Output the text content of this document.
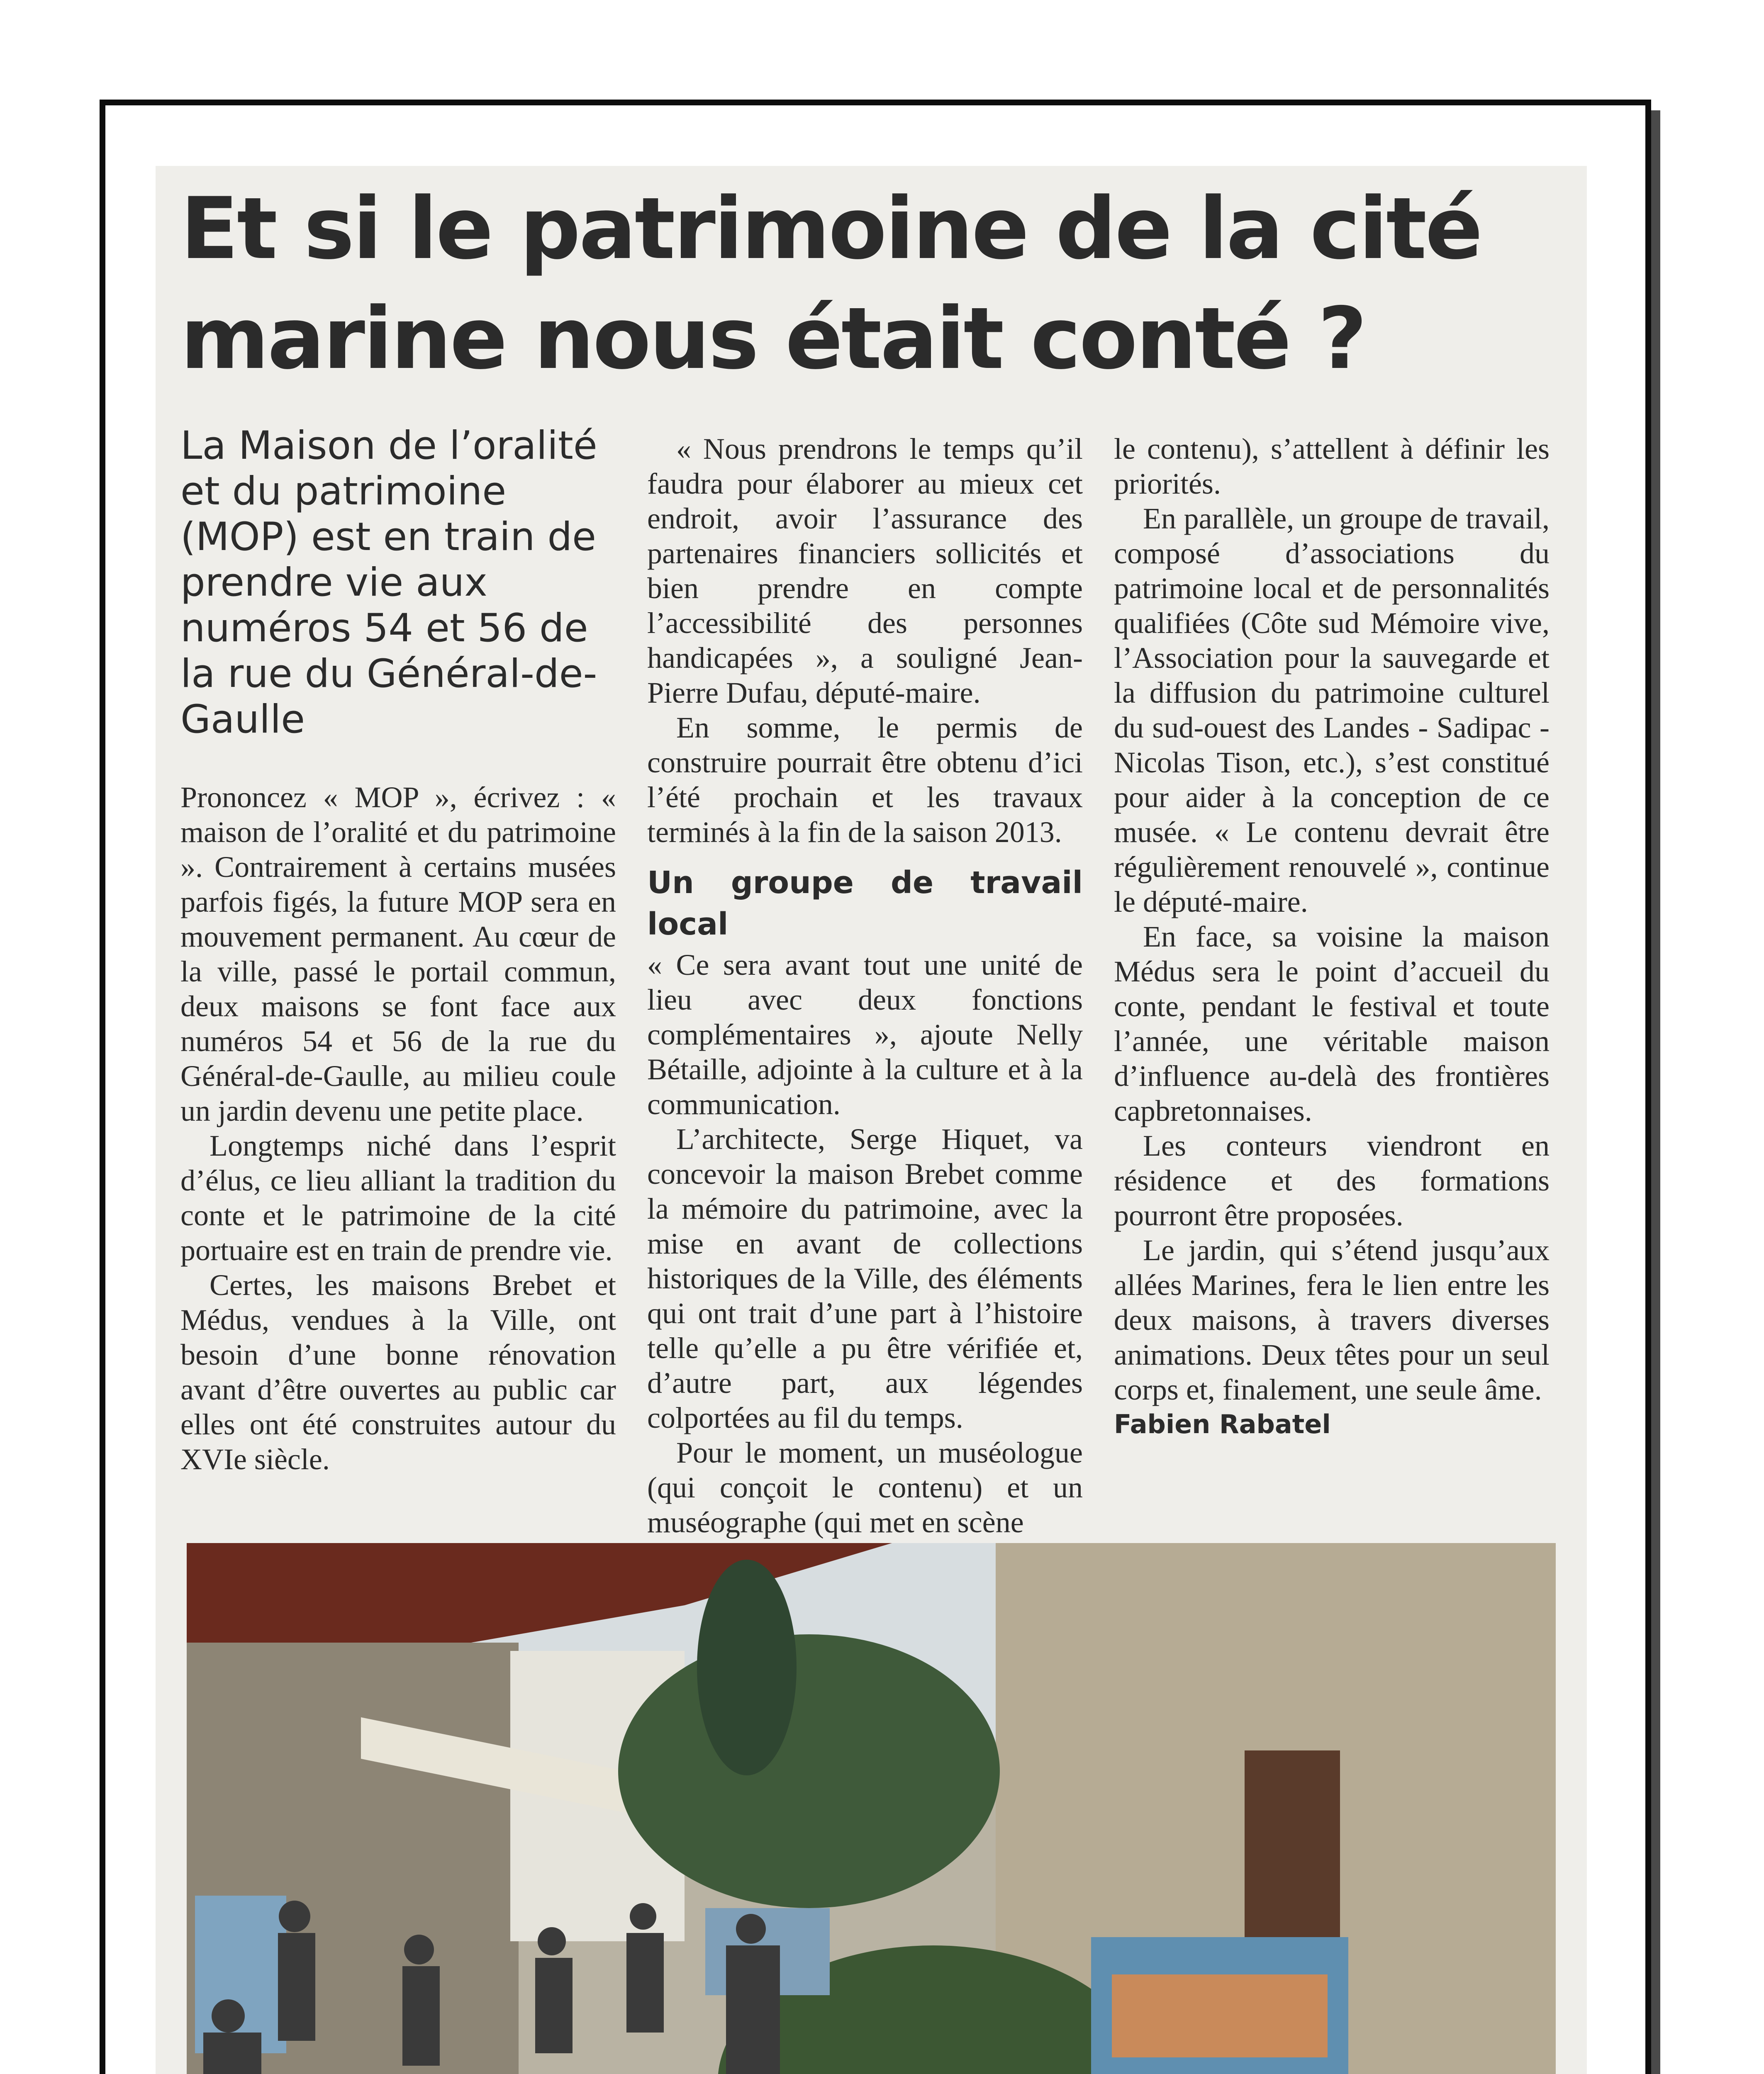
Et si le patrimoine de la cité marine nous était conté ?

La Maison de l’oralité et du patrimoine (MOP) est en train de prendre vie aux numéros 54 et 56 de la rue du Général-de-Gaulle

Prononcez « MOP », écrivez : « maison de l’oralité et du patrimoine ». Contrairement à certains musées parfois figés, la future MOP sera en mouvement permanent. Au cœur de la ville, passé le portail commun, deux maisons se font face aux numéros 54 et 56 de la rue du Général-de-Gaulle, au milieu coule un jardin devenu une petite place.

Longtemps niché dans l’esprit d’élus, ce lieu alliant la tradition du conte et le patrimoine de la cité portuaire est en train de prendre vie.

Certes, les maisons Brebet et Médus, vendues à la Ville, ont besoin d’une bonne rénovation avant d’être ouvertes au public car elles ont été construites autour du XVIe siècle.

« Nous prendrons le temps qu’il faudra pour élaborer au mieux cet endroit, avoir l’assurance des partenaires financiers sollicités et bien prendre en compte l’accessibilité des personnes handicapées », a souligné Jean-Pierre Dufau, député-maire.

En somme, le permis de construire pourrait être obtenu d’ici l’été prochain et les travaux terminés à la fin de la saison 2013.

Un groupe de travail local

« Ce sera avant tout une unité de lieu avec deux fonctions complémentaires », ajoute Nelly Bétaille, adjointe à la culture et à la communication.

L’architecte, Serge Hiquet, va concevoir la maison Brebet comme la mémoire du patrimoine, avec la mise en avant de collections historiques de la Ville, des éléments qui ont trait d’une part à l’histoire telle qu’elle a pu être vérifiée et, d’autre part, aux légendes colportées au fil du temps.

Pour le moment, un muséologue (qui conçoit le contenu) et un muséographe (qui met en scène

le contenu), s’attellent à définir les priorités.

En parallèle, un groupe de travail, composé d’associations du patrimoine local et de personnalités qualifiées (Côte sud Mémoire vive, l’Association pour la sauvegarde et la diffusion du patrimoine culturel du sud-ouest des Landes - Sadipac - Nicolas Tison, etc.), s’est constitué pour aider à la conception de ce musée. « Le contenu devrait être régulièrement renouvelé », continue le député-maire.

En face, sa voisine la maison Médus sera le point d’accueil du conte, pendant le festival et toute l’année, une véritable maison d’influence au-delà des frontières capbretonnaises.

Les conteurs viendront en résidence et des formations pourront être proposées.

Le jardin, qui s’étend jusqu’aux allées Marines, fera le lien entre les deux maisons, à travers diverses animations. Deux têtes pour un seul corps et, finalement, une seule âme.

Fabien Rabatel
